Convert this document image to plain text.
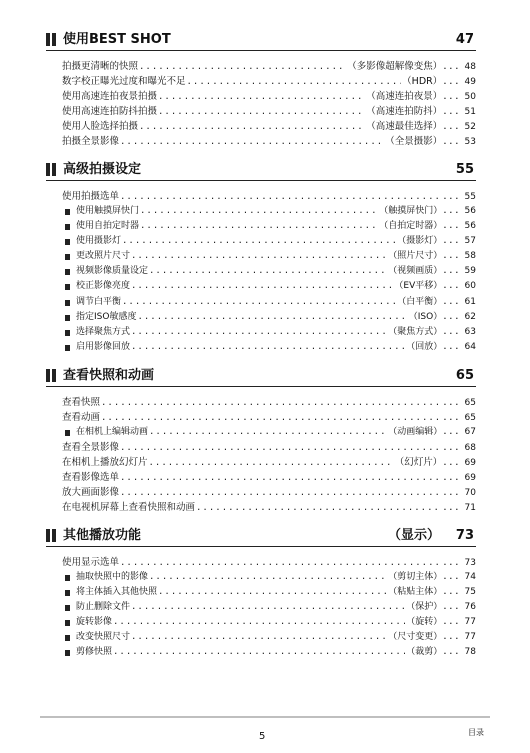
使用BEST SHOT	47
拍摄更清晰的快照 .....	（多影像超解像变焦） ... 48
数字校正曝光过度和曝光不足 .....	（HDR） ... 49
使用高速连拍夜景拍摄 .....	（高速连拍夜景） ... 50
使用高速连拍防抖拍摄 .....	（高速连拍防抖） ... 51
使用人脸选择拍摄 .....	（高速最佳选择） ... 52
拍摄全景影像 .....	（全景摄影） ... 53
高级拍摄设定	55
使用拍摄选单 .....	... 55
使用触摸屏快门 .....	（触摸屏快门） ... 56
使用自拍定时器 .....	（自拍定时器） ... 56
使用摄影灯 .....	（摄影灯） ... 57
更改照片尺寸 .....	（照片尺寸） ... 58
视频影像质量设定 .....	（视频画质） ... 59
校正影像亮度 .....	（EV平移） ... 60
调节白平衡 .....	（白平衡） ... 61
指定ISO敏感度 .....	（ISO） ... 62
选择聚焦方式 .....	（聚焦方式） ... 63
启用影像回放 .....	（回放） ... 64
查看快照和动画	65
查看快照 .....	... 65
查看动画 .....	... 65
在相机上编辑动画 .....	（动画编辑） ... 67
查看全景影像 .....	... 68
在相机上播放幻灯片 .....	（幻灯片） ... 69
查看影像选单 .....	... 69
放大画面影像 .....	... 70
在电视机屏幕上查看快照和动画 .....	... 71
其他播放功能	（显示） 73
使用显示选单 .....	... 73
抽取快照中的影像 .....	（剪切主体） ... 74
将主体插入其他快照 .....	（粘贴主体） ... 75
防止删除文件 .....	（保护） ... 76
旋转影像 .....	（旋转） ... 77
改变快照尺寸 .....	（尺寸变更） ... 77
剪修快照 .....	（裁剪） ... 78
5	目录
